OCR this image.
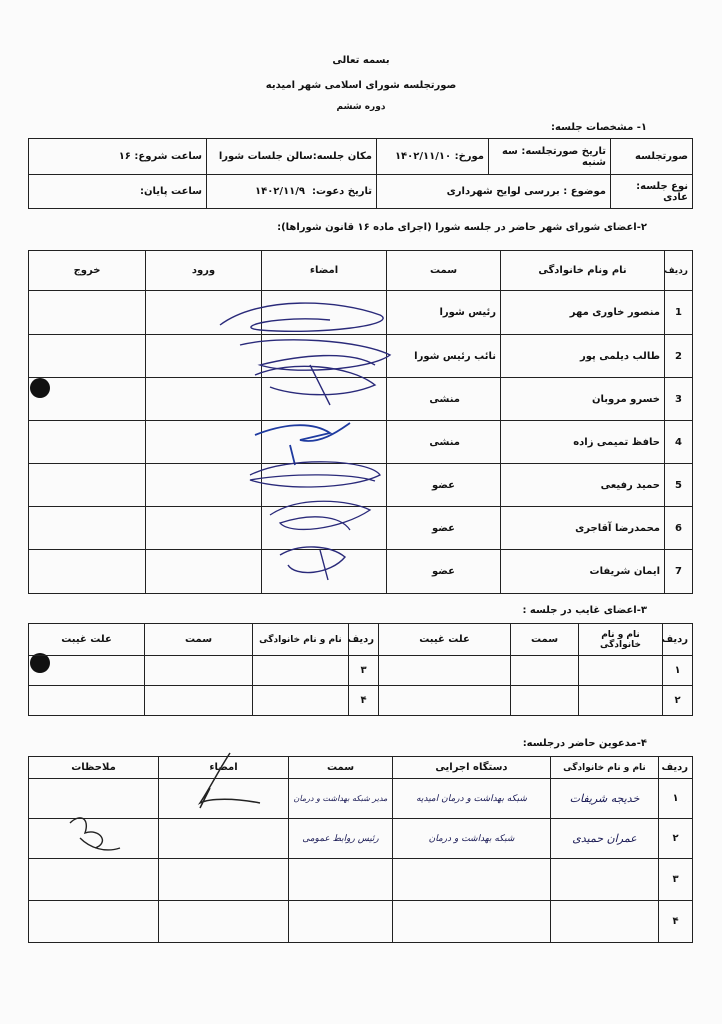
بسمه تعالی
صورتجلسه شورای اسلامی شهر امیدیه
دوره ششم
۱- مشخصات جلسه:
صورتجلسه	تاریخ صورتجلسه: سه شنبه	مورخ: ۱۴۰۲/۱۱/۱۰	مکان جلسه:سالن جلسات شورا	ساعت شروع: ۱۶
نوع جلسه: عادی	موضوع : بررسی لوایح شهرداری		تاریخ دعوت:  ۱۴۰۲/۱۱/۹	ساعت پایان:
۲-اعضای شورای شهر حاضر در جلسه شورا (اجرای ماده ۱۶ قانون شوراها):
ردیف	نام ونام خانوادگی	سمت	امضاء	ورود	خروج
1	منصور خاوری مهر	رئیس شورا			
2	طالب دیلمی پور	نائب رئیس شورا			
3	خسرو مروبان	منشی			
4	حافظ تمیمی زاده	منشی			
5	حمید رفیعی	عضو			
6	محمدرضا آقاجری	عضو			
7	ایمان شریفات	عضو			
۳-اعضای غایب در جلسه :
ردیف	نام و نام خانوادگی	سمت	علت غیبت	ردیف	نام و نام خانوادگی	سمت	علت غیبت
۱				۳			
۲				۴			
۴-مدعوین حاضر درجلسه:
ردیف	نام و نام خانوادگی	دستگاه اجرایی	سمت	امضاء	ملاحظات
۱	خدیجه شریفات	شبکه بهداشت و درمان امیدیه	مدیر شبکه بهداشت و درمان		
۲	عمران حمیدی	شبکه بهداشت و درمان	رئیس روابط عمومی		
۳					
۴					
